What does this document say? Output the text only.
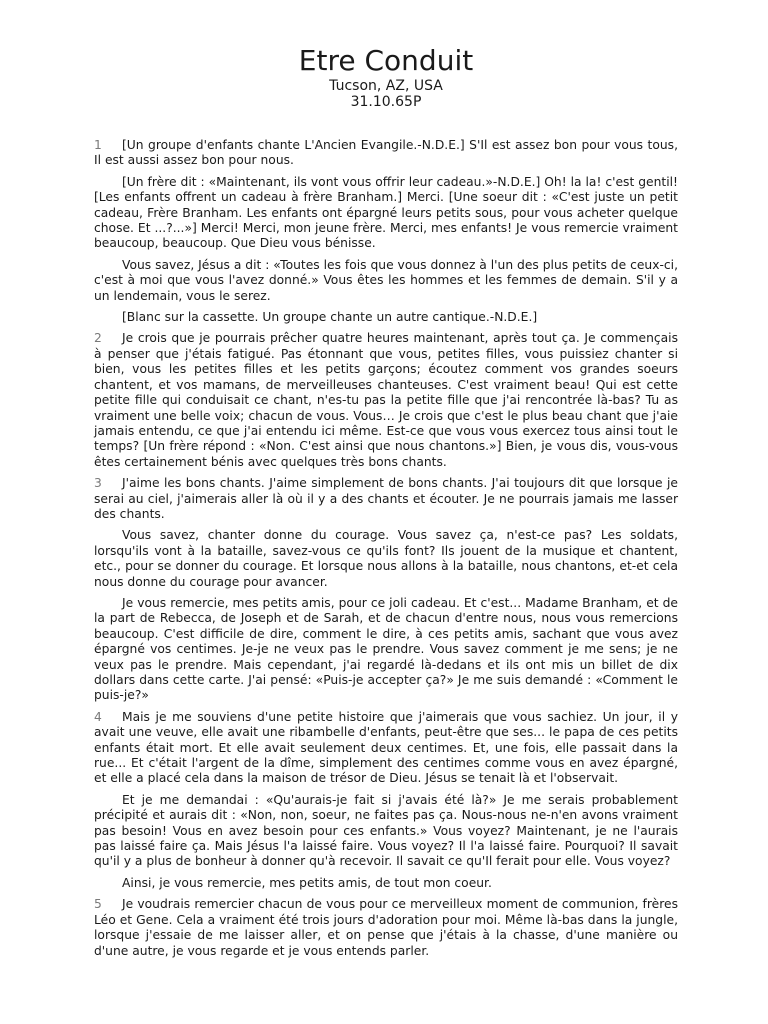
Etre Conduit

Tucson, AZ, USA

31.10.65P

1 [Un groupe d'enfants chante L'Ancien Evangile.-N.D.E.] S'Il est assez bon pour vous tous, Il est aussi assez bon pour nous.

[Un frère dit : «Maintenant, ils vont vous offrir leur cadeau.»-N.D.E.] Oh! la la! c'est gentil! [Les enfants offrent un cadeau à frère Branham.] Merci. [Une soeur dit : «C'est juste un petit cadeau, Frère Branham. Les enfants ont épargné leurs petits sous, pour vous acheter quelque chose. Et ...?...»] Merci! Merci, mon jeune frère. Merci, mes enfants! Je vous remercie vraiment beaucoup, beaucoup. Que Dieu vous bénisse.

Vous savez, Jésus a dit : «Toutes les fois que vous donnez à l'un des plus petits de ceux-ci, c'est à moi que vous l'avez donné.» Vous êtes les hommes et les femmes de demain. S'il y a un lendemain, vous le serez.

[Blanc sur la cassette. Un groupe chante un autre cantique.-N.D.E.]

2 Je crois que je pourrais prêcher quatre heures maintenant, après tout ça. Je commençais à penser que j'étais fatigué. Pas étonnant que vous, petites filles, vous puissiez chanter si bien, vous les petites filles et les petits garçons; écoutez comment vos grandes soeurs chantent, et vos mamans, de merveilleuses chanteuses. C'est vraiment beau! Qui est cette petite fille qui conduisait ce chant, n'es-tu pas la petite fille que j'ai rencontrée là-bas? Tu as vraiment une belle voix; chacun de vous. Vous… Je crois que c'est le plus beau chant que j'aie jamais entendu, ce que j'ai entendu ici même. Est-ce que vous vous exercez tous ainsi tout le temps? [Un frère répond : «Non. C'est ainsi que nous chantons.»] Bien, je vous dis, vous-vous êtes certainement bénis avec quelques très bons chants.

3 J'aime les bons chants. J'aime simplement de bons chants. J'ai toujours dit que lorsque je serai au ciel, j'aimerais aller là où il y a des chants et écouter. Je ne pourrais jamais me lasser des chants.

Vous savez, chanter donne du courage. Vous savez ça, n'est-ce pas? Les soldats, lorsqu'ils vont à la bataille, savez-vous ce qu'ils font? Ils jouent de la musique et chantent, etc., pour se donner du courage. Et lorsque nous allons à la bataille, nous chantons, et-et cela nous donne du courage pour avancer.

Je vous remercie, mes petits amis, pour ce joli cadeau. Et c'est... Madame Branham, et de la part de Rebecca, de Joseph et de Sarah, et de chacun d'entre nous, nous vous remercions beaucoup. C'est difficile de dire, comment le dire, à ces petits amis, sachant que vous avez épargné vos centimes. Je-je ne veux pas le prendre. Vous savez comment je me sens; je ne veux pas le prendre. Mais cependant, j'ai regardé là-dedans et ils ont mis un billet de dix dollars dans cette carte. J'ai pensé: «Puis-je accepter ça?» Je me suis demandé : «Comment le puis-je?»

4 Mais je me souviens d'une petite histoire que j'aimerais que vous sachiez. Un jour, il y avait une veuve, elle avait une ribambelle d'enfants, peut-être que ses... le papa de ces petits enfants était mort. Et elle avait seulement deux centimes. Et, une fois, elle passait dans la rue... Et c'était l'argent de la dîme, simplement des centimes comme vous en avez épargné, et elle a placé cela dans la maison de trésor de Dieu. Jésus se tenait là et l'observait.

Et je me demandai : «Qu'aurais-je fait si j'avais été là?» Je me serais probablement précipité et aurais dit : «Non, non, soeur, ne faites pas ça. Nous-nous ne-n'en avons vraiment pas besoin! Vous en avez besoin pour ces enfants.» Vous voyez? Maintenant, je ne l'aurais pas laissé faire ça. Mais Jésus l'a laissé faire. Vous voyez? Il l'a laissé faire. Pourquoi? Il savait qu'il y a plus de bonheur à donner qu'à recevoir. Il savait ce qu'Il ferait pour elle. Vous voyez?

Ainsi, je vous remercie, mes petits amis, de tout mon coeur.

5 Je voudrais remercier chacun de vous pour ce merveilleux moment de communion, frères Léo et Gene. Cela a vraiment été trois jours d'adoration pour moi. Même là-bas dans la jungle, lorsque j'essaie de me laisser aller, et on pense que j'étais à la chasse, d'une manière ou d'une autre, je vous regarde et je vous entends parler.
